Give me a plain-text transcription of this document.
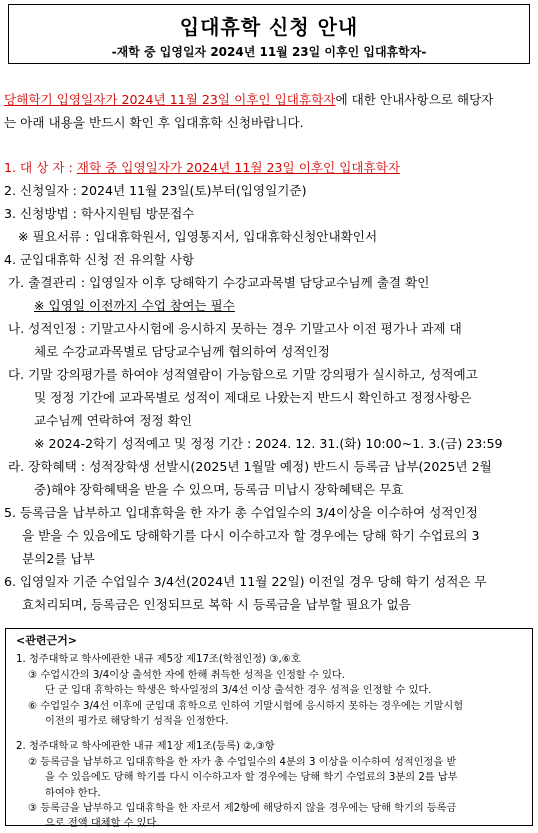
입대휴학 신청 안내
-재학 중 입영일자 2024년 11월 23일 이후인 입대휴학자-

당해학기 입영일자가 2024년 11월 23일 이후인 입대휴학자에 대한 안내사항으로 해당자

는 아래 내용을 반드시 확인 후 입대휴학 신청바랍니다.

1. 대 상 자 : 재학 중 입영일자가 2024년 11월 23일 이후인 입대휴학자

2. 신청일자 : 2024년 11월 23일(토)부터(입영일기준)

3. 신청방법 : 학사지원팀 방문접수

※ 필요서류 : 입대휴학원서, 입영통지서, 입대휴학신청안내확인서

4. 군입대휴학 신청 전 유의할 사항

가. 출결관리 : 입영일자 이후 당해학기 수강교과목별 담당교수님께 출결 확인

※ 입영일 이전까지 수업 참여는 필수

나. 성적인정 : 기말고사시험에 응시하지 못하는 경우 기말고사 이전 평가나 과제 대

체로 수강교과목별로 담당교수님께 협의하여 성적인정

다. 기말 강의평가를 하여야 성적열람이 가능함으로 기말 강의평가 실시하고, 성적예고

및 정정 기간에 교과목별로 성적이 제대로 나왔는지 반드시 확인하고 정정사항은

교수님께 연락하여 정정 확인

※ 2024-2학기 성적예고 및 정정 기간 : 2024. 12. 31.(화) 10:00~1. 3.(금) 23:59

라. 장학혜택 : 성적장학생 선발시(2025년 1월말 예정) 반드시 등록금 납부(2025년 2월

중)해야 장학혜택을 받을 수 있으며, 등록금 미납시 장학혜택은 무효

5. 등록금을 납부하고 입대휴학을 한 자가 총 수업일수의 3/4이상을 이수하여 성적인정

을 받을 수 있음에도 당해학기를 다시 이수하고자 할 경우에는 당해 학기 수업료의 3

분의2를 납부

6. 입영일자 기준 수업일수 3/4선(2024년 11월 22일) 이전일 경우 당해 학기 성적은 무

효처리되며, 등록금은 인정되므로 복학 시 등록금을 납부할 필요가 없음

<관련근거>

1. 청주대학교 학사에관한 내규 제5장 제17조(학점인정) ③,⑥호

③ 수업시간의 3/4이상 출석한 자에 한해 취득한 성적을 인정할 수 있다.

단 군 입대 휴학하는 학생은 학사일정의 3/4선 이상 출석한 경우 성적을 인정할 수 있다.

⑥ 수업일수 3/4선 이후에 군입대 휴학으로 인하여 기말시험에 응시하지 못하는 경우에는 기말시험

이전의 평가로 해당학기 성적을 인정한다.

2. 청주대학교 학사에관한 내규 제1장 제1조(등록) ②,③항

② 등록금을 납부하고 입대휴학을 한 자가 총 수업일수의 4분의 3 이상을 이수하여 성적인정을 받

을 수 있음에도 당해 학기를 다시 이수하고자 할 경우에는 당해 학기 수업료의 3분의 2를 납부

하여야 한다.

③ 등록금을 납부하고 입대휴학을 한 자로서 제2항에 해당하지 않을 경우에는 당해 학기의 등록금

으로 전액 대체할 수 있다.
